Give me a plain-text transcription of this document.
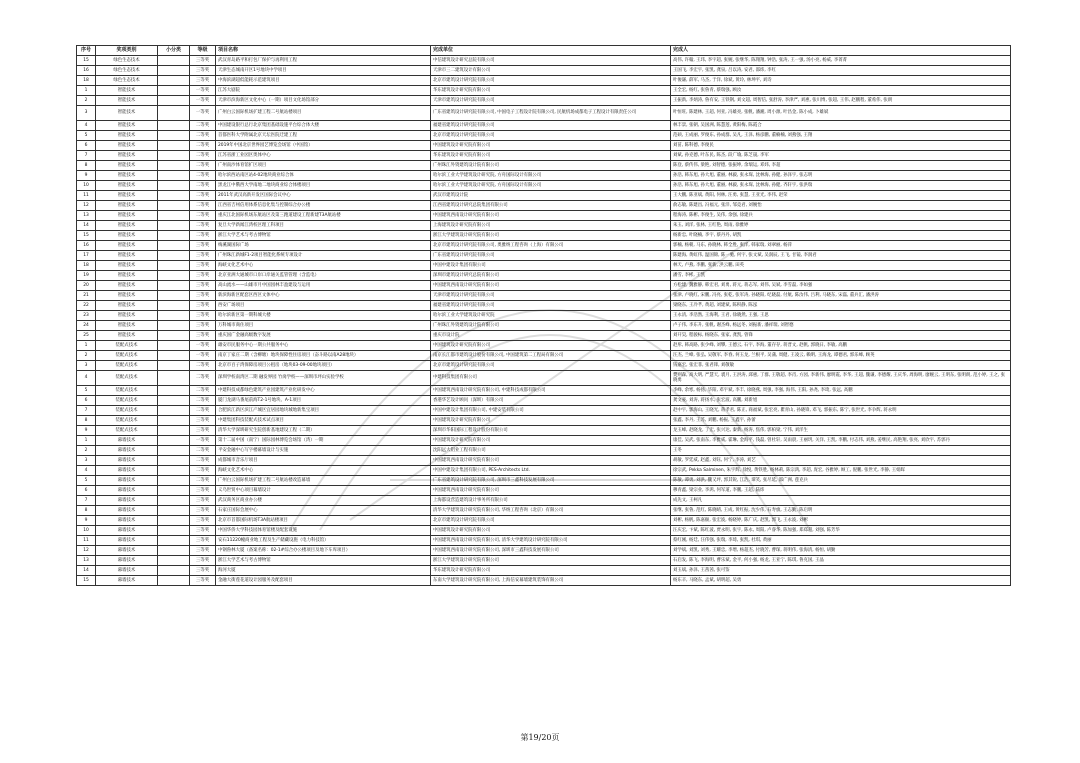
序号	奖项类别	小分类	等级	项目名称	完成单位	完成人
15	绿色生态技术		三等奖	武汉青岛路平和打包厂保护与再利用工程	中信建筑设计研究总院有限公司	高伟, 许翰, 王玮, 李宇超, 张婉, 张继华, 陈翔翔, 钟浩, 张涛, 王一强, 汤小亮, 杨威, 李菁菁
16	绿色生态技术		三等奖	天津生态城南开区1号地块中学项目	天津市三二建筑设计有限公司	王国飞, 李宏宇, 张凯, 龚泉, 吕以涛, 安君, 邵炜, 李红
18	绿色生态技术		三等奖	中海滨湖超低能耗示范建筑项目	北京市建筑设计研究院有限公司	叶俊谦, 薛军, 马杰, 于洋, 徐斌, 黄玲, 林坤平, 刘诗
1	智能技术		一等奖	江苏大剧院	华东建筑设计研究院有限公司	王全宏, 杨红, 张鲁青, 蔡瑞强, 顾汝
2	智能技术		一等奖	天津市滨海新区文化中心（一期）项目文化场馆部分	天津市建筑设计研究院有限公司	王振新, 李炳涛, 鲁有安, 王铁钢, 刘文超, 周智信, 张舒涛, 李津严, 刘惠, 张川博, 张超, 王伟, 赵鹏程, 董希伟, 张朗
3	智能技术		一等奖	广州白云国际机场扩建工程二号航站楼项目	广东省建筑设计研究院有限公司, 中国电子工程设计院有限公司, 民航机场成都电子工程设计有限责任公司	叶恒旺, 陈建林, 王超, 何亚, 冯雄亮, 张帆, 潘湘, 周小源, 叶昌金, 陈小成, 卜雄斌
4	智能技术		二等奖	中国建设银行总行北京集团基础设施平台综合体大楼	福建省建筑设计研究院有限公司	林丰景, 张朝, 吴国洲, 陈慧莲, 黄阳梅, 陈霞合
5	智能技术		二等奖	首都医科大学附属北京天坛医院迁建工程	北京市建筑设计研究院有限公司	范硕, 王成丽, 罗俊东, 孙成群, 吴凡, 王泽, 杨彦鹏, 董楠楠, 刘燕强, 王翔
6	智能技术		二等奖	2019年中国北京世界园艺博览会场馆（中国馆）	中国建筑设计研究院有限公司	刘苗, 陈科德, 李俊民
7	智能技术		二等奖	江苏省浙工业园区奥体中心	华东建筑设计研究院有限公司	刘斌, 孙克德, 叶东民, 陈杰, 段广瑜, 陈芝晟, 李军
8	智能技术		二等奖	广州南沙体育馆扩区项目	广州珠江外资建筑设计院有限公司	陈登, 蔡传伟, 梁艳, 刘智德, 张振坤, 余瑞运, 邓炜, 李超
9	智能技术		二等奖	哈尔滨西站南区站4-02地块商业综合体	哈尔滨工业大学建筑设计研究院, 方舟国际设计有限公司	孙浩, 韩东旭, 孙大旭, 董丽, 林毅, 张永琛, 沈林海, 孙健, 孙泽宇, 张志明
10	智能技术		二等奖	黑龙江中俄西大学南地二地块商业综合体楼项目	哈尔滨工业大学建筑设计研究院, 方舟国际设计有限公司	孙浩, 韩东旭, 孙大旭, 董丽, 林毅, 张永琛, 沈林海, 孙健, 齐轩宇, 张洪瑞
11	智能技术		二等奖	2011年武汉高新开发区国际会议中心	武汉市建筑设计院	王大鹏, 陈亚斌, 黄阳, 何林, 汪勇, 张慧, 王亚光, 李伟, 赵荣
12	智能技术		二等奖	江西省吉州信用体系信息化集与控制综合办公楼	江西省建筑设计研究总院集团有限公司	俞志敏, 陈建昌, 冯福元, 张洋, 邹竞君, 刘婉怡
13	智能技术		二等奖	重庆江北国际机场东航站区及第三跑道建设工程新建T3A航站楼	中国建筑西南设计研究院有限公司	程海涛, 陈彬, 李俊生, 吴伟, 余强, 徐建兵
14	智能技术		二等奖	复旦大学新闻江湾校区理工科项目	上海建筑设计研究院有限公司	朱玉, 刘洋, 张林, 王红艳, 周雨, 徐雅婷
15	智能技术		二等奖	浙江大学艺术与考古博物馆	浙江大学建筑设计研究院有限公司	杨新忠, 叶晓楠, 李宇, 蔡丹丹, 胡凯
16	智能技术		三等奖	梅溪湖国际广场	北京市建筑设计研究院有限公司, 奥雅纳工程咨询（上海）有限公司	郭楠, 杨朝, 马东, 孙晓林, 韩全胜, 张洋, 韩家瑞, 刘翠丽, 杨萍
17	智能技术		三等奖	广州珠江新城F1-2项目智能化系统专项设计	广东省建筑设计研究院有限公司	陈建海, 黄虹伟, 温国锦, 陈一驰, 何宇, 张文斌, 吴润辰, 王飞, 甘镜, 李润君
18	智能技术		三等奖	海峡文化艺术中心	中国中建设计集团有限公司	林天, 卢燕, 李鹏, 张新, 洪云鹏, 田英
19	智能技术		三等奖	北京亚洲大通城市口岸口岸通关监管管理（含监电）	深圳市建筑设计研究总院有限公司	潘雪, 李彬, 王凯
20	智能技术		三等奖	高山流水——山雄市月中国园林丰盈建设与运用	中国建筑西南设计研究院有限公司	方松建, 魏雅静, 韩宏君, 刘勇, 蒋元, 蒋志军, 刘伟, 吴斌, 李雪磊, 李如强
21	智能技术		三等奖	新滨海新区配套区西区文体中心	天津市建筑设计研究院有限公司	张津, 卢晓红, 宋鹏, 冯亮, 张乾, 张军涛, 孙晓阳, 纪晓磊, 付航, 陈汝伟, 吕利, 马晓东, 宋磊, 董兵汇, 潘洪涛
22	智能技术		三等奖	西安广场项目	福建省建筑设计研究院有限公司	梁晓东, 王冷芊, 黄超, 刘建斌, 陈积静, 陈泓
23	智能技术		三等奖	哈尔滨新区第一期科城大楼	哈尔滨工业大学建筑设计研究院	王永清, 李浩然, 王海利, 王君, 徐晓然, 王强, 王思
24	智能技术		三等奖	万科城市商住项目	广州珠江外资建筑设计院有限公司	卢子伟, 李东升, 张帆, 谢杰峰, 杨远冬, 刘振新, 潘祥瑞, 刘智德
25	智能技术		三等奖	重庆国广金融高级数字发展	重庆市设计院	刘开昊, 程骏标, 杨晓东, 张家, 龚凯, 曾锋
1	装配式技术		一等奖	雄安市民服务中心一期公共服务中心	中国建筑设计研究院有限公司	赵彤, 韩高路, 张少峰, 刘攀, 王德云, 石宇, 李海, 董存存, 蒋晋文, 赵帆, 郭晓日, 李敏, 高鹏
2	装配式技术		一等奖	南京丁家庄二期（含柳塘）地块保障性住房项目（奋斗路以南A28地块）	南京长江都市建筑设计股份有限公司, 中国建筑第二工程局有限公司	汪杰, 兰峰, 张弘, 吴敬军, 李春, 何玉龙, 兰根平, 吴蒲, 周健, 王凌云, 赖明, 王海龙, 谭德君, 郭乐峰, 顾英
3	装配式技术		二等奖	北京市百子湾保障房项目公租房（地块03-09-00地块项目）	北京市建筑设计研究院有限公司	钱嘉宏, 张宏菲, 张君锋, 刘敬敏
4	装配式技术		二等奖	深圳学校南湾区二期 融发界园 竹岗学校——深圳市坪山实验学校	中建科技集团有限公司	樊则森, 高大明, 严慧天, 裘月, 王洪涛, 邱惠, 丁群, 王敬超, 李肖, 方园, 李新伟, 廖明霞, 李华, 王超, 魏谦, 李德耀, 王庆华, 周海明, 廖婉云, 王明东, 张明朗, 范小婷, 王之, 张晓勇
5	装配式技术		二等奖	中建科技成都绿色建筑产业园建筑产业化研发中心	中国建筑西南设计研究院有限公司, 中建科技成都有限公司	李峰, 余寒, 杨扬, 毕阳, 邓宇斌, 李丰, 徐晓燕, 周强, 李强, 海伟, 王阳, 孙尧, 李琦, 张远, 高鹏
6	装配式技术		二等奖	厦门龙湖马番尾前海T2-1号地块、A-1项目	香港华艺设计顾问（深圳）有限公司	龚文豪, 刘涛, 蒋扬水, 张宏波, 高鹏, 刘新旭
7	装配式技术		二等奖	合肥滨江新区滨江产城区宜居园地块城地新集宝项目	中国中建设计集团有限公司, 中建安装有限公司	赵中宇, 郭海山, 王晓光, 蒋孝君, 陈正, 商福斌, 张宏亮, 瞿青山, 孙晓锋, 邓飞, 郭振东, 陈宁, 张世光, 李争辉, 蒋永明
8	装配式技术		三等奖	中建集团科技装配式技术试点项目	中国建筑设计研究院有限公司	张鑫, 李丹, 王苏, 刘鹏, 杨振, 王鑫宇, 孙蕾
9	装配式技术		三等奖	清华大学深圳研究生院创新基地建设工程（二期）	深圳市华阳国际工程设计股份有限公司	龙玉峰, 赵晓龙, 丁宏, 张兴达, 秦新, 杨涛, 焦伟, 郭柏梁, 宁伟, 刘洋生
1	幕墙技术		一等奖	第十二届中国（南宁）国际园林博览会场馆（湾）一期	中国建筑设计研究院有限公司	康佳, 吴武, 张南东, 李雅威, 霍琳, 金海平, 钱磊, 曾杜轩, 吴雨晨, 王丽玥, 关洋, 王凯, 李鹏, 付志伟, 刘燕, 姜继民, 高艳翔, 张亮, 刘欣宇, 苏郭丹
2	幕墙技术		二等奖	平安金融中心写字楼幕墙设计与实施	沈阳远大铝业工程有限公司	王冬
3	幕墙技术		二等奖	成都城市音乐厅项目	中国建筑西南设计研究院有限公司	胡敏, 罗廷威, 赵鑫, 刘钰, 何宁, 李涛, 刘艺
4	幕墙技术		二等奖	海峡文化艺术中心	中国中建设计集团有限公司, PES-Architects Ltd.	徐宗武, Pekka Salminen, 朱宇辉, 徐悦, 黄铁胜, 杨林莉, 陈宗鸿, 李超, 庞宏, 谷雅婷, 顾工, 倪鹏, 张世光, 李静, 王娟晖
5	幕墙技术		二等奖	广州白云国际机场扩建工程二号航站楼改造幕墙	广东省建筑设计研究院有限公司, 深圳市三鑫科技发展有限公司	陈敏, 谭勇, 刘洪, 魏又坪, 郭其锐, 江浩, 谭笑, 张尽延, 邵广洲, 莲克兵
6	幕墙技术		三等奖	义乌世贸中心项目幕墙设计	中国建筑西南设计研究院有限公司	穆青鑫, 梁宗业, 李鸿, 何军道, 李鹏, 王超, 陆炜
7	幕墙技术		三等奖	武汉商务区商业办公楼	上海都设营造建筑设计事务所有限公司	成先文, 王柯凡
8	幕墙技术		三等奖	石家庄国际会展中心	清华大学建筑设计研究院有限公司, 华纳工程咨询（北京）有限公司	张继, 张鲁, 范红, 陈晓晴, 王成, 黄红振, 沈少伟, 石寿旗, 王志勤, 陈启明
9	幕墙技术		三等奖	北京市首都国际机场T3A航站楼项目	北京市建筑设计研究院有限公司	刘彬, 杨帆, 陈嘉颐, 张宏波, 杨晓婷, 陈广庆, 赵凯, 郭飞, 王永波, 刘彬
10	幕墙技术		三等奖	中国华侨大学科技园体育馆楼及配套设施	中国建筑设计研究院有限公司	汪庆宏, 卞斌, 陈红波, 贾永明, 张宇, 陈永, 周阳, 卢睿华, 陈加强, 郑郑超, 刘强, 陈芳华
11	幕墙技术		三等奖	安石11220幢商业地工程及生产储藏设施（电力科技馆）	中国建筑西南设计研究院有限公司, 清华大学建筑设计研究院有限公司	蔡红刚, 杨廷, 汪伟强, 张瑞, 李琦, 张凯, 杜琪, 黄丽
12	幕墙技术		三等奖	中钢鲁林大厦（备案名称：02-1#综合办公楼项目及地下车库项目）	中国建筑西南设计研究院有限公司, 深圳市三鑫科技发展有限公司	刘学斌, 刘凯, 刘秀, 王耀忠, 李增, 杨超杰, 付晓芳, 曹琛, 蒋明伟, 张海清, 杨恒, 胡勤
13	幕墙技术		三等奖	浙江大学艺术与考古博物馆	浙江大学建筑设计研究院有限公司	石启发, 陈飞, 李海明, 曹乐斌, 金平, 何小强, 杨龙, 王亚宁, 陈琪, 鲁克国, 王晶
14	幕墙技术		三等奖	海河大厦	华东建筑设计研究院有限公司	刘玉斌, 孙泽, 王茜茜, 张可鉴
15	幕墙技术		三等奖	金融大街莲花道设计园服务及配套项目	东南大学建筑设计研究院有限公司, 上海信安幕墙建筑装饰有限公司	杨东辛, 马晓东, 孟斌, 胡明超, 吴勇
第19/20页
